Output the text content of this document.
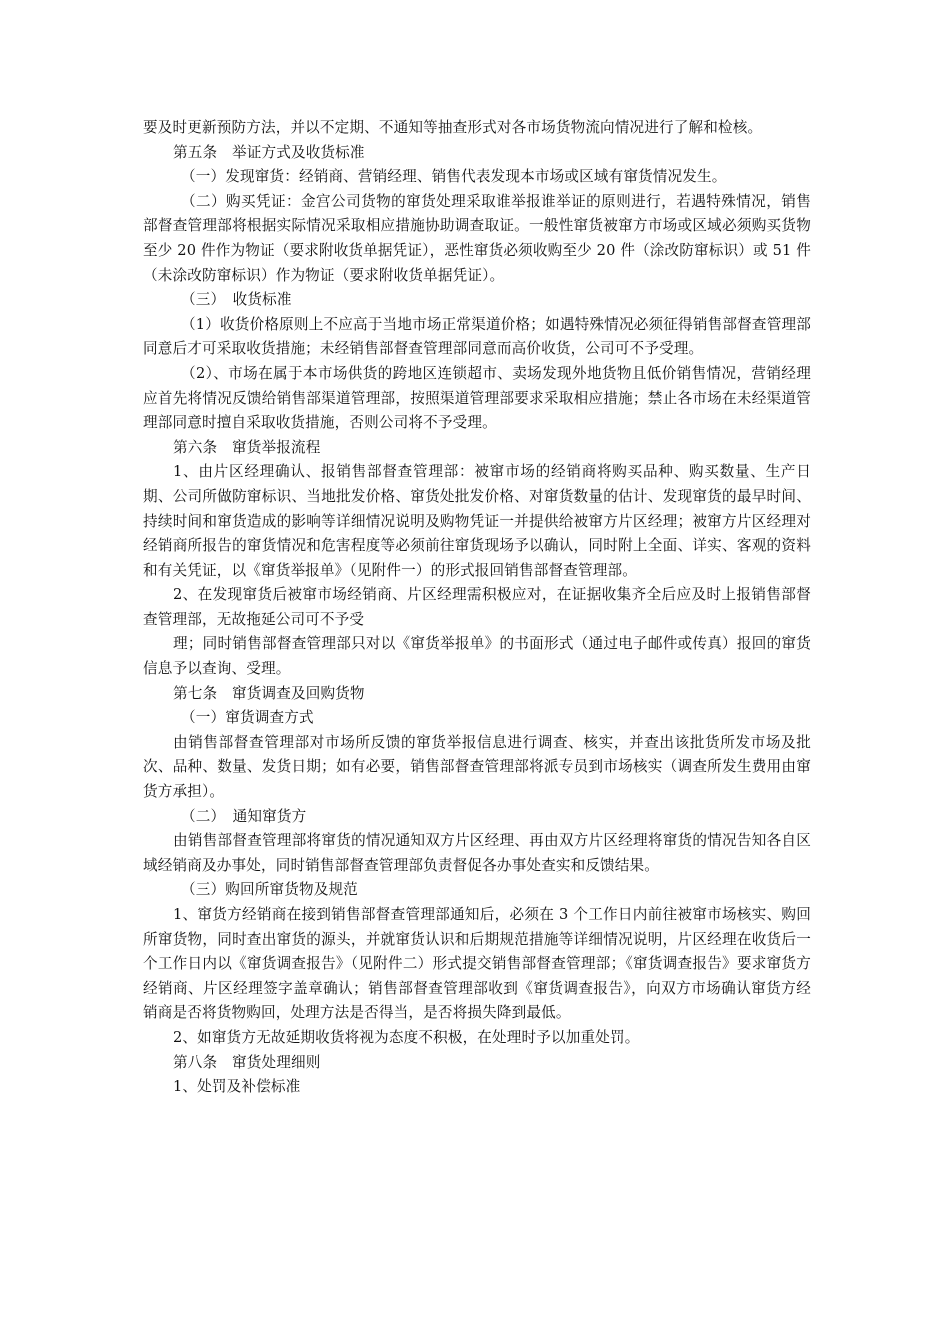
要及时更新预防方法，并以不定期、不通知等抽查形式对各市场货物流向情况进行了解和检核。

第五条　举证方式及收货标准

（一）发现窜货：经销商、营销经理、销售代表发现本市场或区域有窜货情况发生。

（二）购买凭证：金宫公司货物的窜货处理采取谁举报谁举证的原则进行，若遇特殊情况，销售部督查管理部将根据实际情况采取相应措施协助调查取证。一般性窜货被窜方市场或区域必须购买货物至少 20 件作为物证（要求附收货单据凭证），恶性窜货必须收购至少 20 件（涂改防窜标识）或 51 件（未涂改防窜标识）作为物证（要求附收货单据凭证）。

（三）　收货标准

（1）收货价格原则上不应高于当地市场正常渠道价格；如遇特殊情况必须征得销售部督查管理部同意后才可采取收货措施；未经销售部督查管理部同意而高价收货，公司可不予受理。

（2）、市场在属于本市场供货的跨地区连锁超市、卖场发现外地货物且低价销售情况，营销经理应首先将情况反馈给销售部渠道管理部，按照渠道管理部要求采取相应措施；禁止各市场在未经渠道管理部同意时擅自采取收货措施，否则公司将不予受理。

第六条　窜货举报流程

1、由片区经理确认、报销售部督查管理部：被窜市场的经销商将购买品种、购买数量、生产日期、公司所做防窜标识、当地批发价格、窜货处批发价格、对窜货数量的估计、发现窜货的最早时间、持续时间和窜货造成的影响等详细情况说明及购物凭证一并提供给被窜方片区经理；被窜方片区经理对经销商所报告的窜货情况和危害程度等必须前往窜货现场予以确认，同时附上全面、详实、客观的资料和有关凭证，以《窜货举报单》（见附件一）的形式报回销售部督查管理部。

2、在发现窜货后被窜市场经销商、片区经理需积极应对，在证据收集齐全后应及时上报销售部督查管理部，无故拖延公司可不予受

理；同时销售部督查管理部只对以《窜货举报单》的书面形式（通过电子邮件或传真）报回的窜货信息予以查询、受理。

第七条　窜货调查及回购货物

（一）窜货调查方式

由销售部督查管理部对市场所反馈的窜货举报信息进行调查、核实，并查出该批货所发市场及批次、品种、数量、发货日期；如有必要，销售部督查管理部将派专员到市场核实（调查所发生费用由窜货方承担）。

（二）　通知窜货方

由销售部督查管理部将窜货的情况通知双方片区经理、再由双方片区经理将窜货的情况告知各自区域经销商及办事处，同时销售部督查管理部负责督促各办事处查实和反馈结果。

（三）购回所窜货物及规范

1、窜货方经销商在接到销售部督查管理部通知后，必须在 3 个工作日内前往被窜市场核实、购回所窜货物，同时查出窜货的源头，并就窜货认识和后期规范措施等详细情况说明，片区经理在收货后一个工作日内以《窜货调查报告》（见附件二）形式提交销售部督查管理部；《窜货调查报告》要求窜货方经销商、片区经理签字盖章确认；销售部督查管理部收到《窜货调查报告》，向双方市场确认窜货方经销商是否将货物购回，处理方法是否得当，是否将损失降到最低。

2、如窜货方无故延期收货将视为态度不积极，在处理时予以加重处罚。

第八条　窜货处理细则

1、处罚及补偿标准
